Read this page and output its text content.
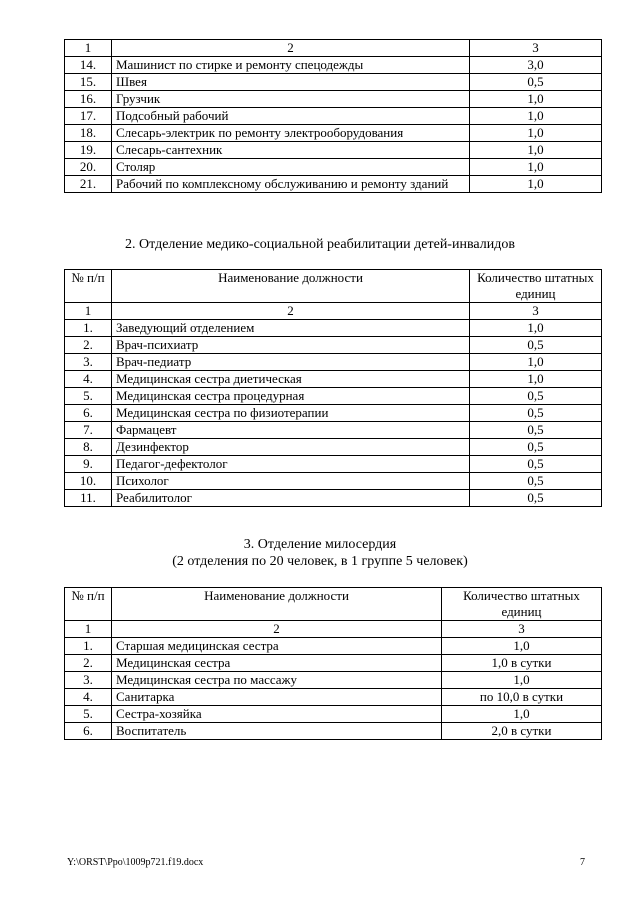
1	2	3
14.	Машинист по стирке и ремонту спецодежды	3,0
15.	Швея	0,5
16.	Грузчик	1,0
17.	Подсобный рабочий	1,0
18.	Слесарь-электрик по ремонту электрооборудования	1,0
19.	Слесарь-сантехник	1,0
20.	Столяр	1,0
21.	Рабочий по комплексному обслуживанию и ремонту зданий	1,0
2. Отделение медико-социальной реабилитации детей-инвалидов
№ п/п	Наименование должности	Количество штатных единиц
1	2	3
1.	Заведующий отделением	1,0
2.	Врач-психиатр	0,5
3.	Врач-педиатр	1,0
4.	Медицинская сестра диетическая	1,0
5.	Медицинская сестра процедурная	0,5
6.	Медицинская сестра по физиотерапии	0,5
7.	Фармацевт	0,5
8.	Дезинфектор	0,5
9.	Педагог-дефектолог	0,5
10.	Психолог	0,5
11.	Реабилитолог	0,5
3. Отделение милосердия
(2 отделения по 20 человек, в 1 группе 5 человек)
№ п/п	Наименование должности	Количество штатных единиц
1	2	3
1.	Старшая медицинская сестра	1,0
2.	Медицинская сестра	1,0 в сутки
3.	Медицинская сестра по массажу	1,0
4.	Санитарка	по 10,0 в сутки
5.	Сестра-хозяйка	1,0
6.	Воспитатель	2,0 в сутки
Y:\ORST\Ppo\1009p721.f19.docx	7
